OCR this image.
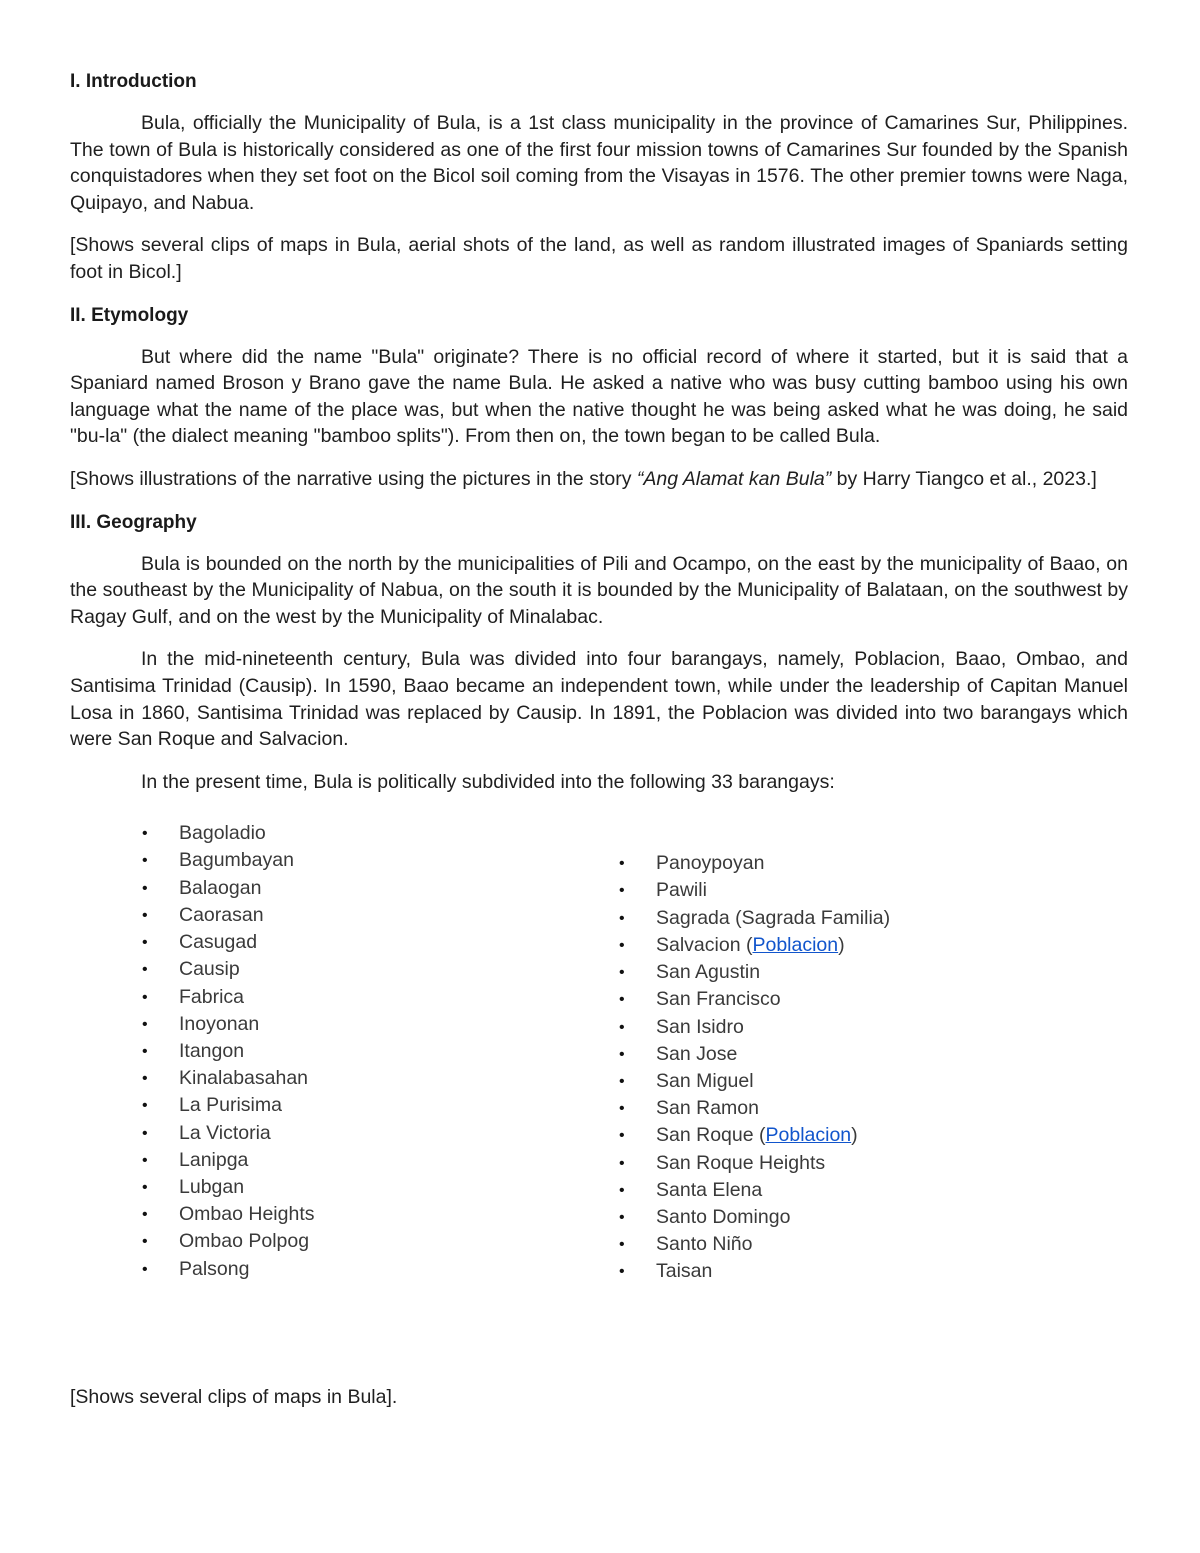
I. Introduction

Bula, officially the Municipality of Bula, is a 1st class municipality in the province of Camarines Sur, Philippines. The town of Bula is historically considered as one of the first four mission towns of Camarines Sur founded by the Spanish conquistadores when they set foot on the Bicol soil coming from the Visayas in 1576. The other premier towns were Naga, Quipayo, and Nabua.

[Shows several clips of maps in Bula, aerial shots of the land, as well as random illustrated images of Spaniards setting foot in Bicol.]

II. Etymology

But where did the name "Bula" originate? There is no official record of where it started, but it is said that a Spaniard named Broson y Brano gave the name Bula. He asked a native who was busy cutting bamboo using his own language what the name of the place was, but when the native thought he was being asked what he was doing, he said "bu-la" (the dialect meaning "bamboo splits"). From then on, the town began to be called Bula.

[Shows illustrations of the narrative using the pictures in the story “Ang Alamat kan Bula” by Harry Tiangco et al., 2023.]

III. Geography

Bula is bounded on the north by the municipalities of Pili and Ocampo, on the east by the municipality of Baao, on the southeast by the Municipality of Nabua, on the south it is bounded by the Municipality of Balataan, on the southwest by Ragay Gulf, and on the west by the Municipality of Minalabac.

In the mid-nineteenth century, Bula was divided into four barangays, namely, Poblacion, Baao, Ombao, and Santisima Trinidad (Causip). In 1590, Baao became an independent town, while under the leadership of Capitan Manuel Losa in 1860, Santisima Trinidad was replaced by Causip. In 1891, the Poblacion was divided into two barangays which were San Roque and Salvacion.

In the present time, Bula is politically subdivided into the following 33 barangays:

• Bagoladio
• Bagumbayan
• Balaogan
• Caorasan
• Casugad
• Causip
• Fabrica
• Inoyonan
• Itangon
• Kinalabasahan
• La Purisima
• La Victoria
• Lanipga
• Lubgan
• Ombao Heights
• Ombao Polpog
• Palsong
• Panoypoyan
• Pawili
• Sagrada (Sagrada Familia)
• Salvacion (Poblacion)
• San Agustin
• San Francisco
• San Isidro
• San Jose
• San Miguel
• San Ramon
• San Roque (Poblacion)
• San Roque Heights
• Santa Elena
• Santo Domingo
• Santo Niño
• Taisan

[Shows several clips of maps in Bula].
